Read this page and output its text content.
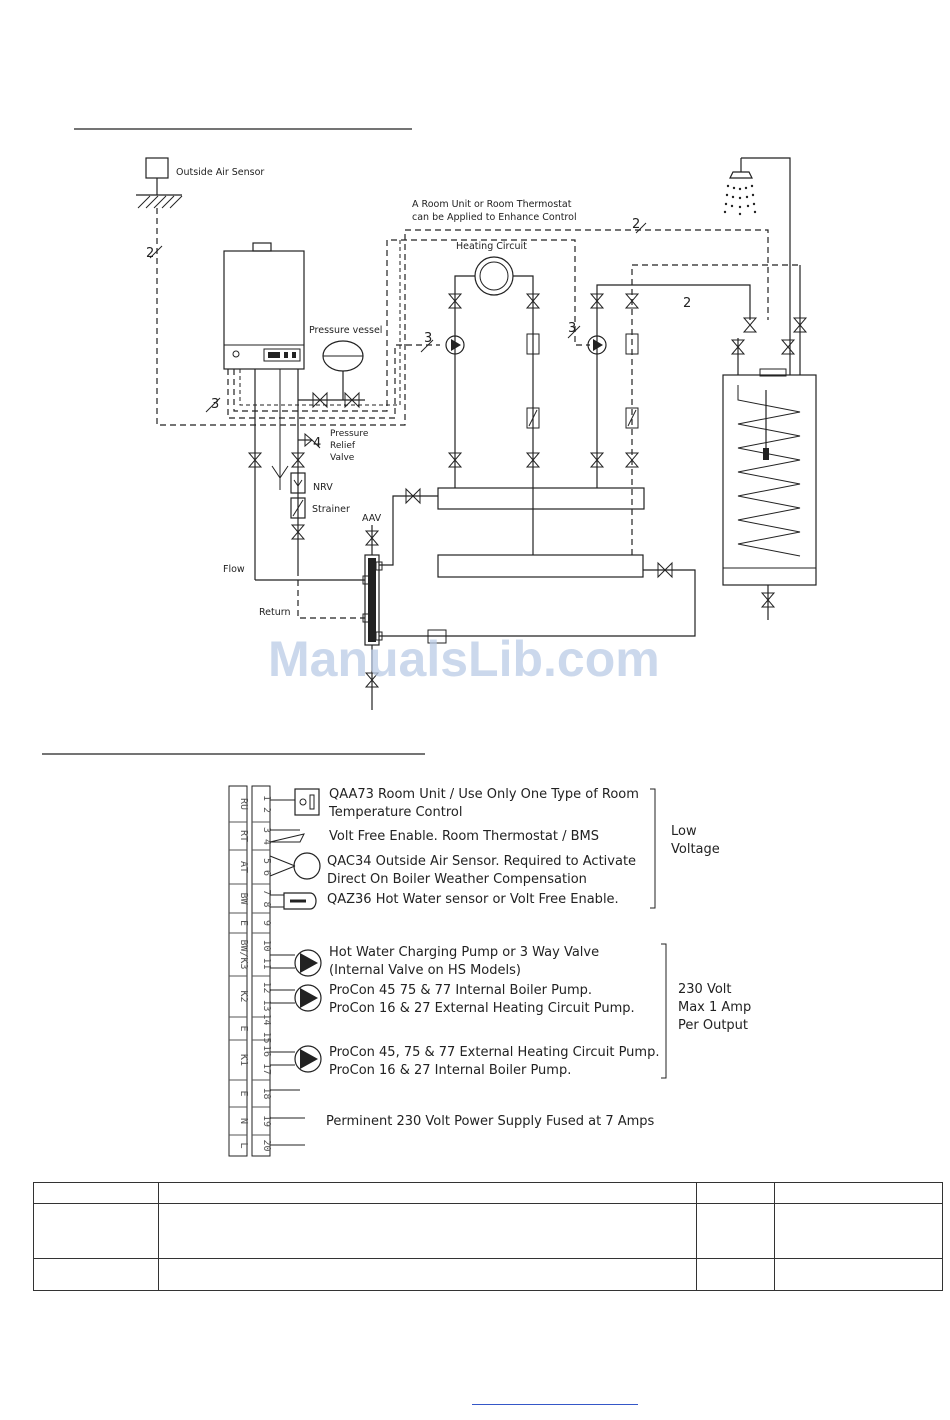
Outside Air Sensor
2
A Room Unit or Room Thermostat
can be Applied to Enhance Control	2
3
3
3
Pressure vessel
4
Pressure
Relief
Valve
NRV
Strainer
Flow
Return
AAV
Heating Circuit
2
ManualsLib.com
RU 1 2
RT 3 4
AT 5 6
BW 7 8
E 9
BW/K3 10 11
K2 12 13
E 14 15
K1 16 17
E 18
N 19
L 20
QAA73 Room Unit / Use Only One Type of Room
Temperature Control
Volt Free Enable. Room Thermostat / BMS
QAC34 Outside Air Sensor. Required to Activate
Direct On Boiler Weather Compensation
QAZ36 Hot Water sensor or Volt Free Enable.
Hot Water Charging Pump or 3 Way Valve
(Internal Valve on HS Models)
ProCon 45 75 & 77 Internal Boiler Pump.
ProCon 16 & 27 External Heating Circuit Pump.
ProCon 45, 75 & 77 External Heating Circuit Pump.
ProCon 16 & 27 Internal Boiler Pump.
Perminent 230 Volt Power Supply Fused at 7 Amps
Low
Voltage
230 Volt
Max 1 Amp
Per Output
